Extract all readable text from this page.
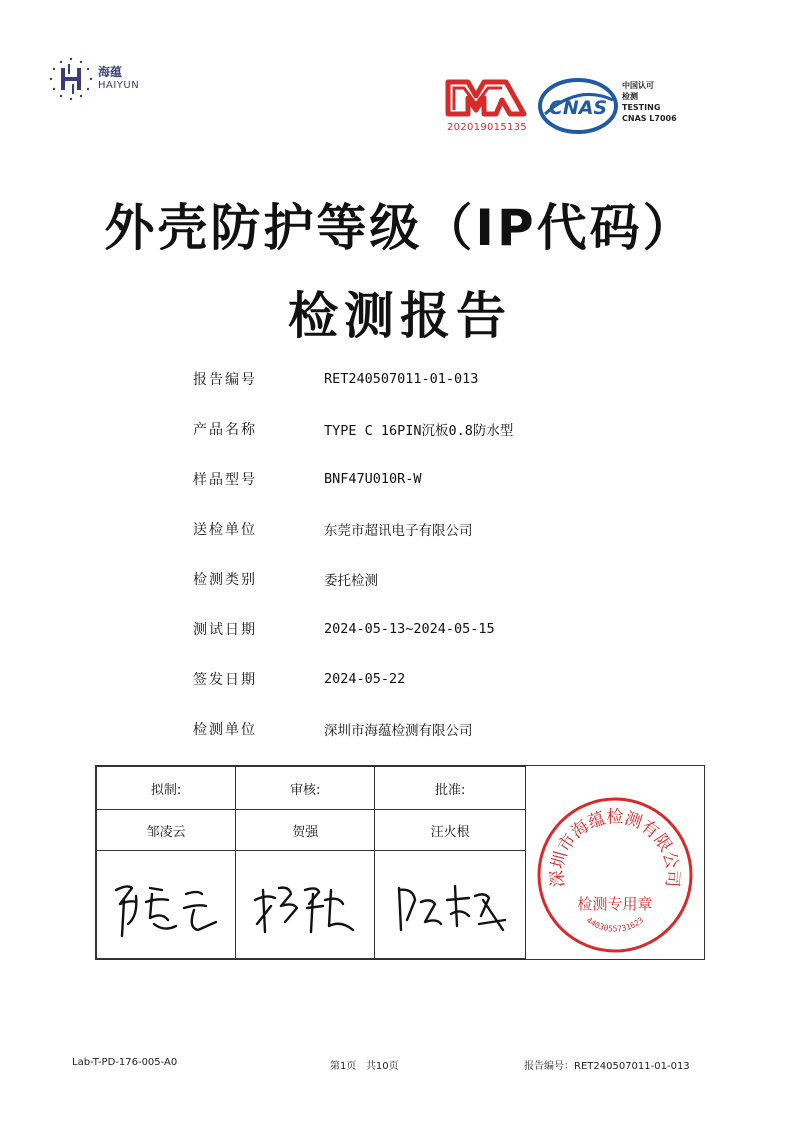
海蕴
HAIYUN
202019015135
CNAS
中国认可
检测
TESTING
CNAS L7006
外壳防护等级（IP代码）
检测报告
报告编号	RET240507011-01-013
产品名称	TYPE C 16PIN沉板0.8防水型
样品型号	BNF47U010R-W
送检单位	东莞市超讯电子有限公司
检测类别	委托检测
测试日期	2024-05-13~2024-05-15
签发日期	2024-05-22
检测单位	深圳市海蕴检测有限公司
拟制:	审核:	批准:
邹凌云	贺强	汪火根

深圳市海蕴检测有限公司
检测专用章
4403055731623
Lab-T-PD-176-005-A0	第1页   共10页	报告编号：RET240507011-01-013
